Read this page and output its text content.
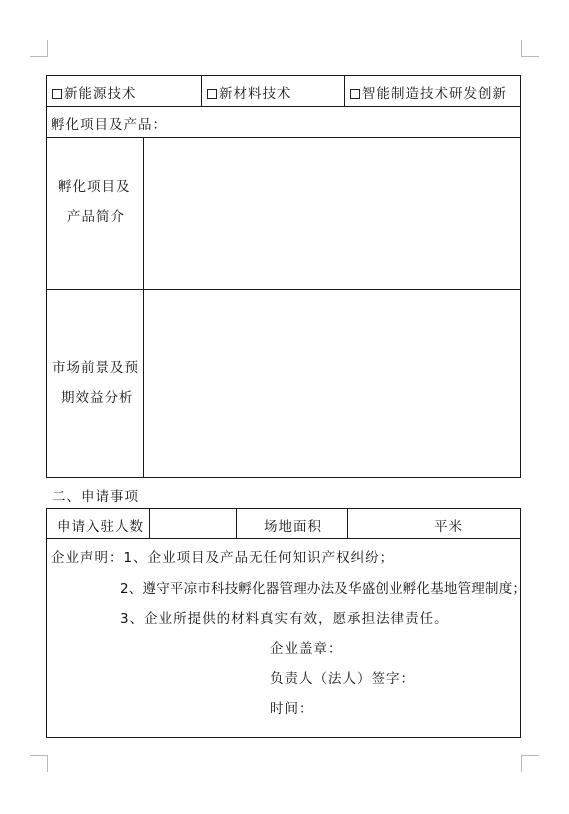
新能源技术	新材料技术	智能制造技术研发创新
孵化项目及产品：
孵化项目及
产品简介
市场前景及预
期效益分析
二、申请事项
申请入驻人数	场地面积	平米
企业声明：1、企业项目及产品无任何知识产权纠纷；
2、遵守平凉市科技孵化器管理办法及华盛创业孵化基地管理制度；
3、企业所提供的材料真实有效，愿承担法律责任。
企业盖章：
负责人（法人）签字：
时间：
